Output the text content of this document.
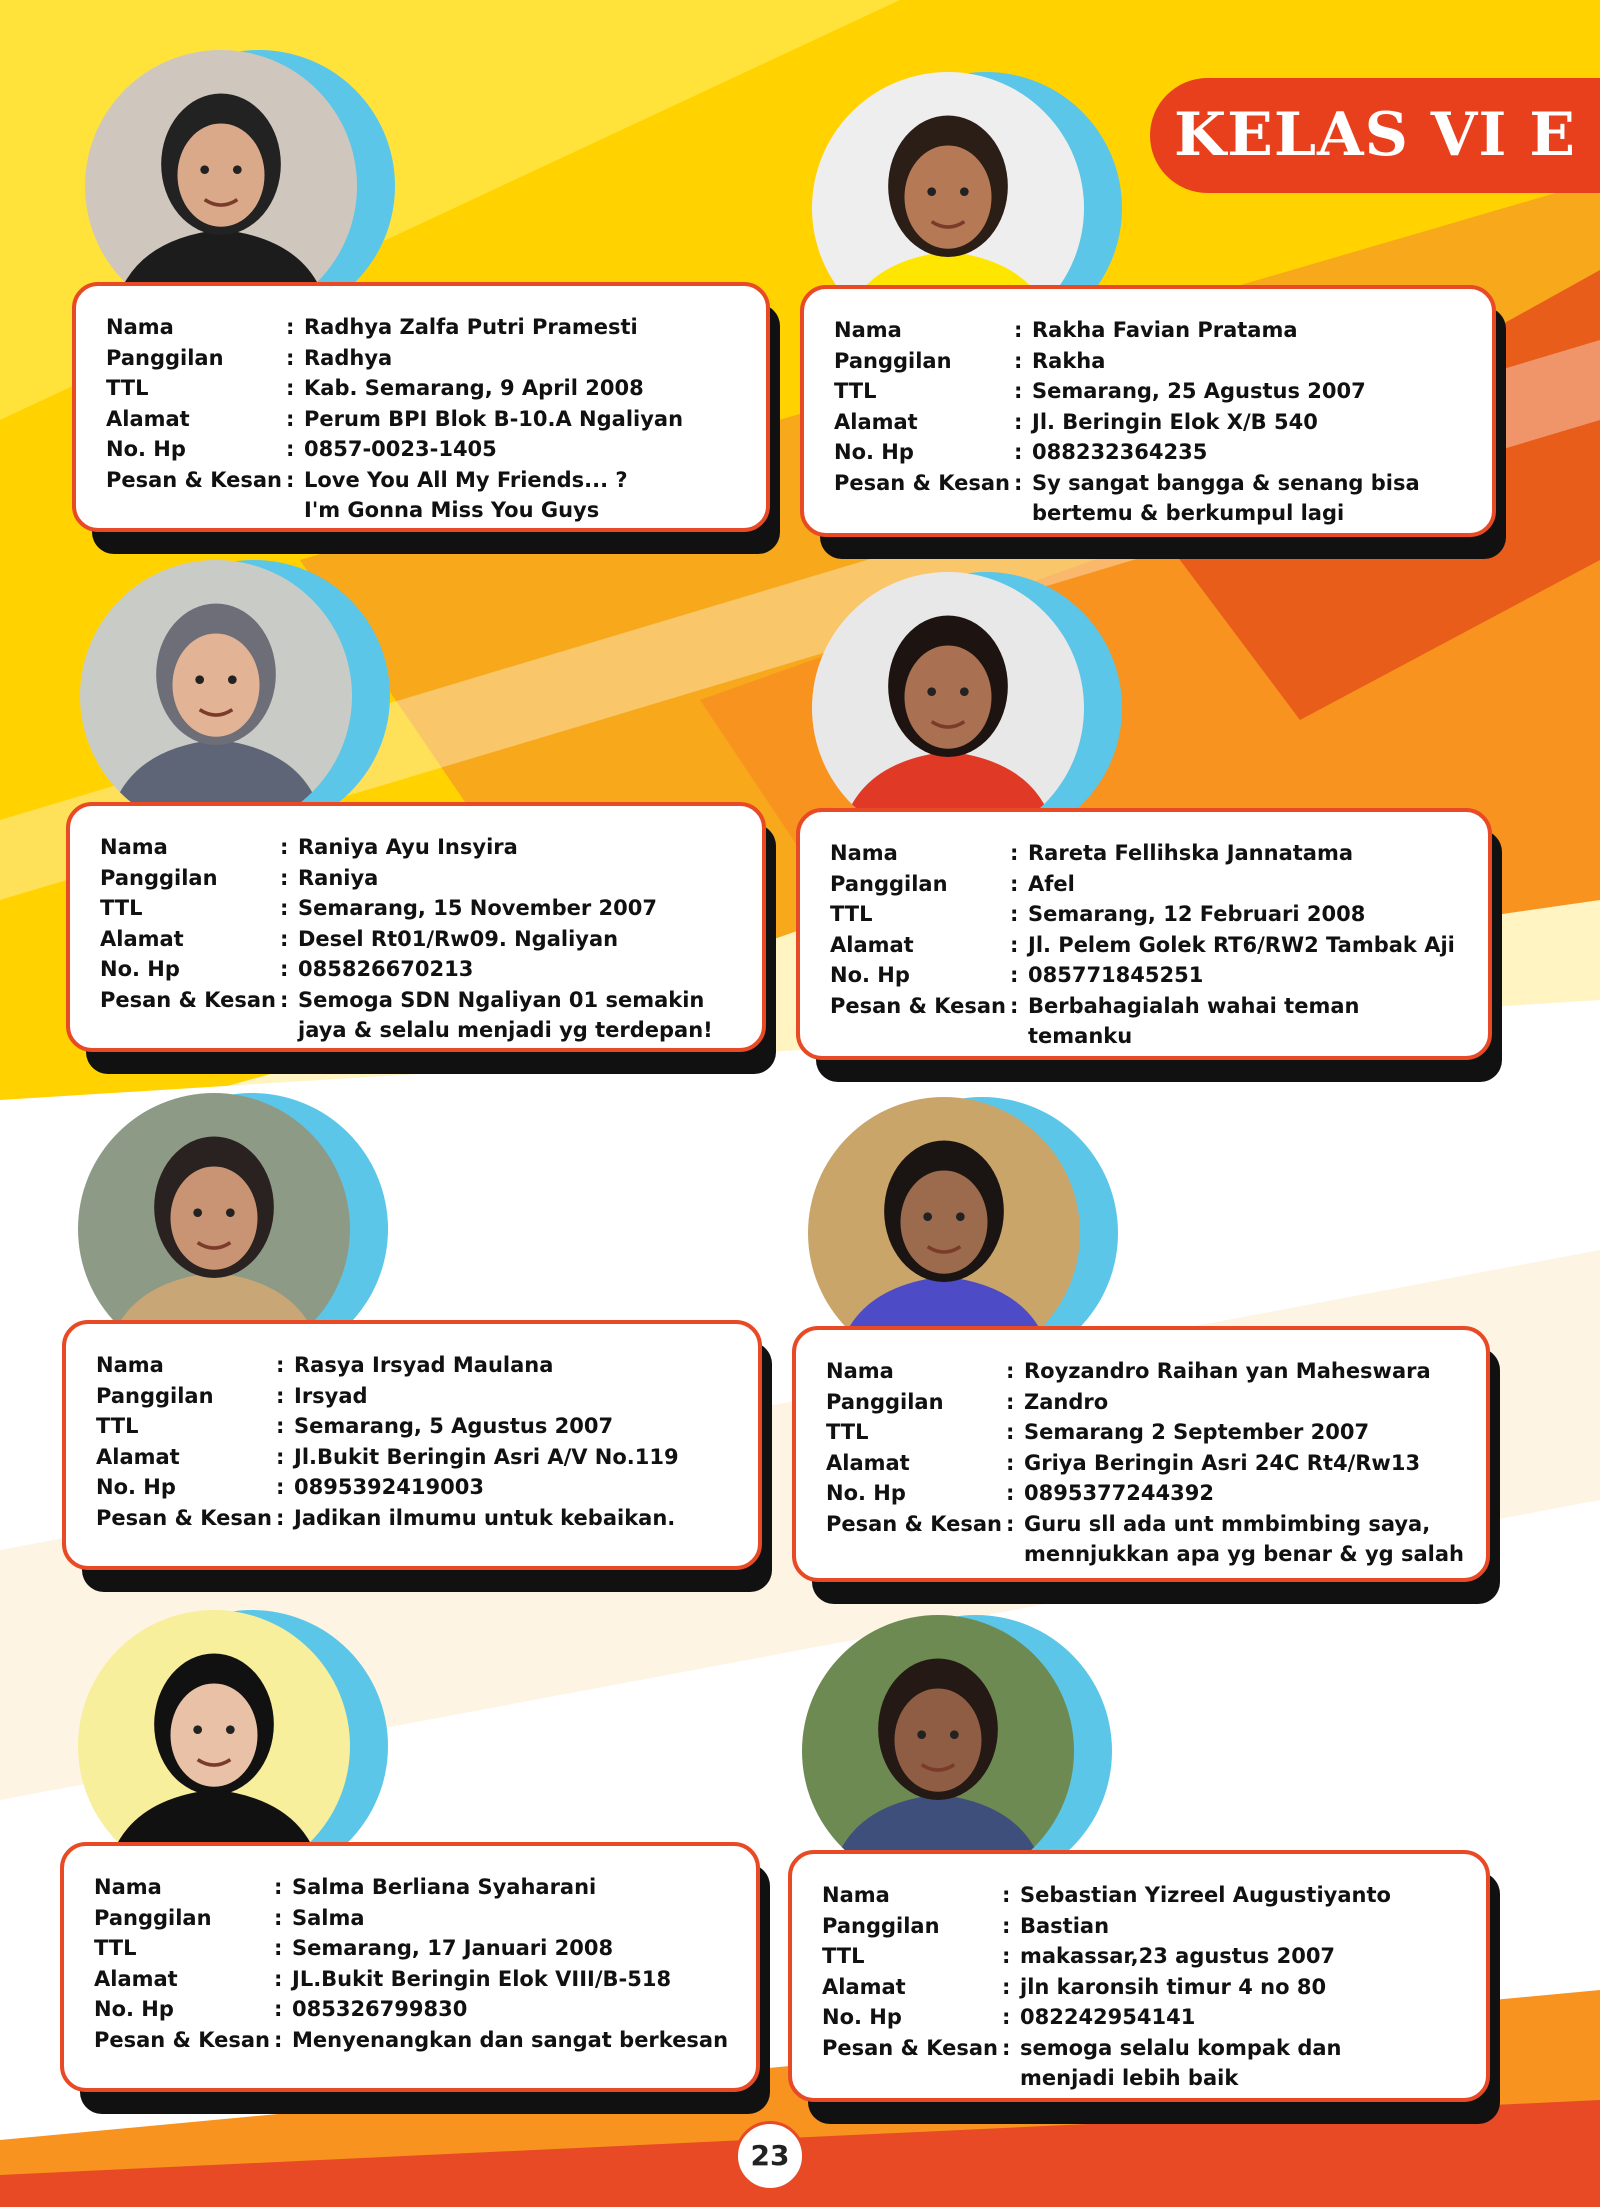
KELAS VI E
Nama	: Radhya Zalfa Putri Pramesti
Panggilan	: Radhya
TTL	: Kab. Semarang, 9 April 2008
Alamat	: Perum BPI Blok B-10.A Ngaliyan
No. Hp	: 0857-0023-1405
Pesan & Kesan : Love You All My Friends... ?
I'm Gonna Miss You Guys
Nama	: Rakha Favian Pratama
Panggilan	: Rakha
TTL	: Semarang, 25 Agustus 2007
Alamat	: Jl. Beringin Elok X/B 540
No. Hp	: 088232364235
Pesan & Kesan : Sy sangat bangga & senang bisa
bertemu & berkumpul lagi
Nama	: Raniya Ayu Insyira
Panggilan	: Raniya
TTL	: Semarang, 15 November 2007
Alamat	: Desel Rt01/Rw09. Ngaliyan
No. Hp	: 085826670213
Pesan & Kesan : Semoga SDN Ngaliyan 01 semakin
jaya & selalu menjadi yg terdepan!
Nama	: Rareta Fellihska Jannatama
Panggilan	: Afel
TTL	: Semarang, 12 Februari 2008
Alamat	: Jl. Pelem Golek RT6/RW2 Tambak Aji
No. Hp	: 085771845251
Pesan & Kesan : Berbahagialah wahai teman temanku

Nama	: Rasya Irsyad Maulana
Panggilan	: Irsyad
TTL	: Semarang, 5 Agustus 2007
Alamat	: Jl.Bukit Beringin Asri A/V No.119
No. Hp	: 0895392419003
Pesan & Kesan : Jadikan ilmumu untuk kebaikan.

Nama	: Royzandro Raihan yan Maheswara
Panggilan	: Zandro
TTL	: Semarang 2 September 2007
Alamat	: Griya Beringin Asri 24C Rt4/Rw13
No. Hp	: 0895377244392
Pesan & Kesan : Guru sll ada unt mmbimbing saya,
mennjukkan apa yg benar & yg salah
Nama	: Salma Berliana Syaharani
Panggilan	: Salma
TTL	: Semarang, 17 Januari 2008
Alamat	: JL.Bukit Beringin Elok VIII/B-518
No. Hp	: 085326799830
Pesan & Kesan : Menyenangkan dan sangat berkesan

Nama	: Sebastian Yizreel Augustiyanto
Panggilan	: Bastian
TTL	: makassar,23 agustus 2007
Alamat	: jln karonsih timur 4 no 80
No. Hp	: 082242954141
Pesan & Kesan : semoga selalu kompak dan
menjadi lebih baik
23
